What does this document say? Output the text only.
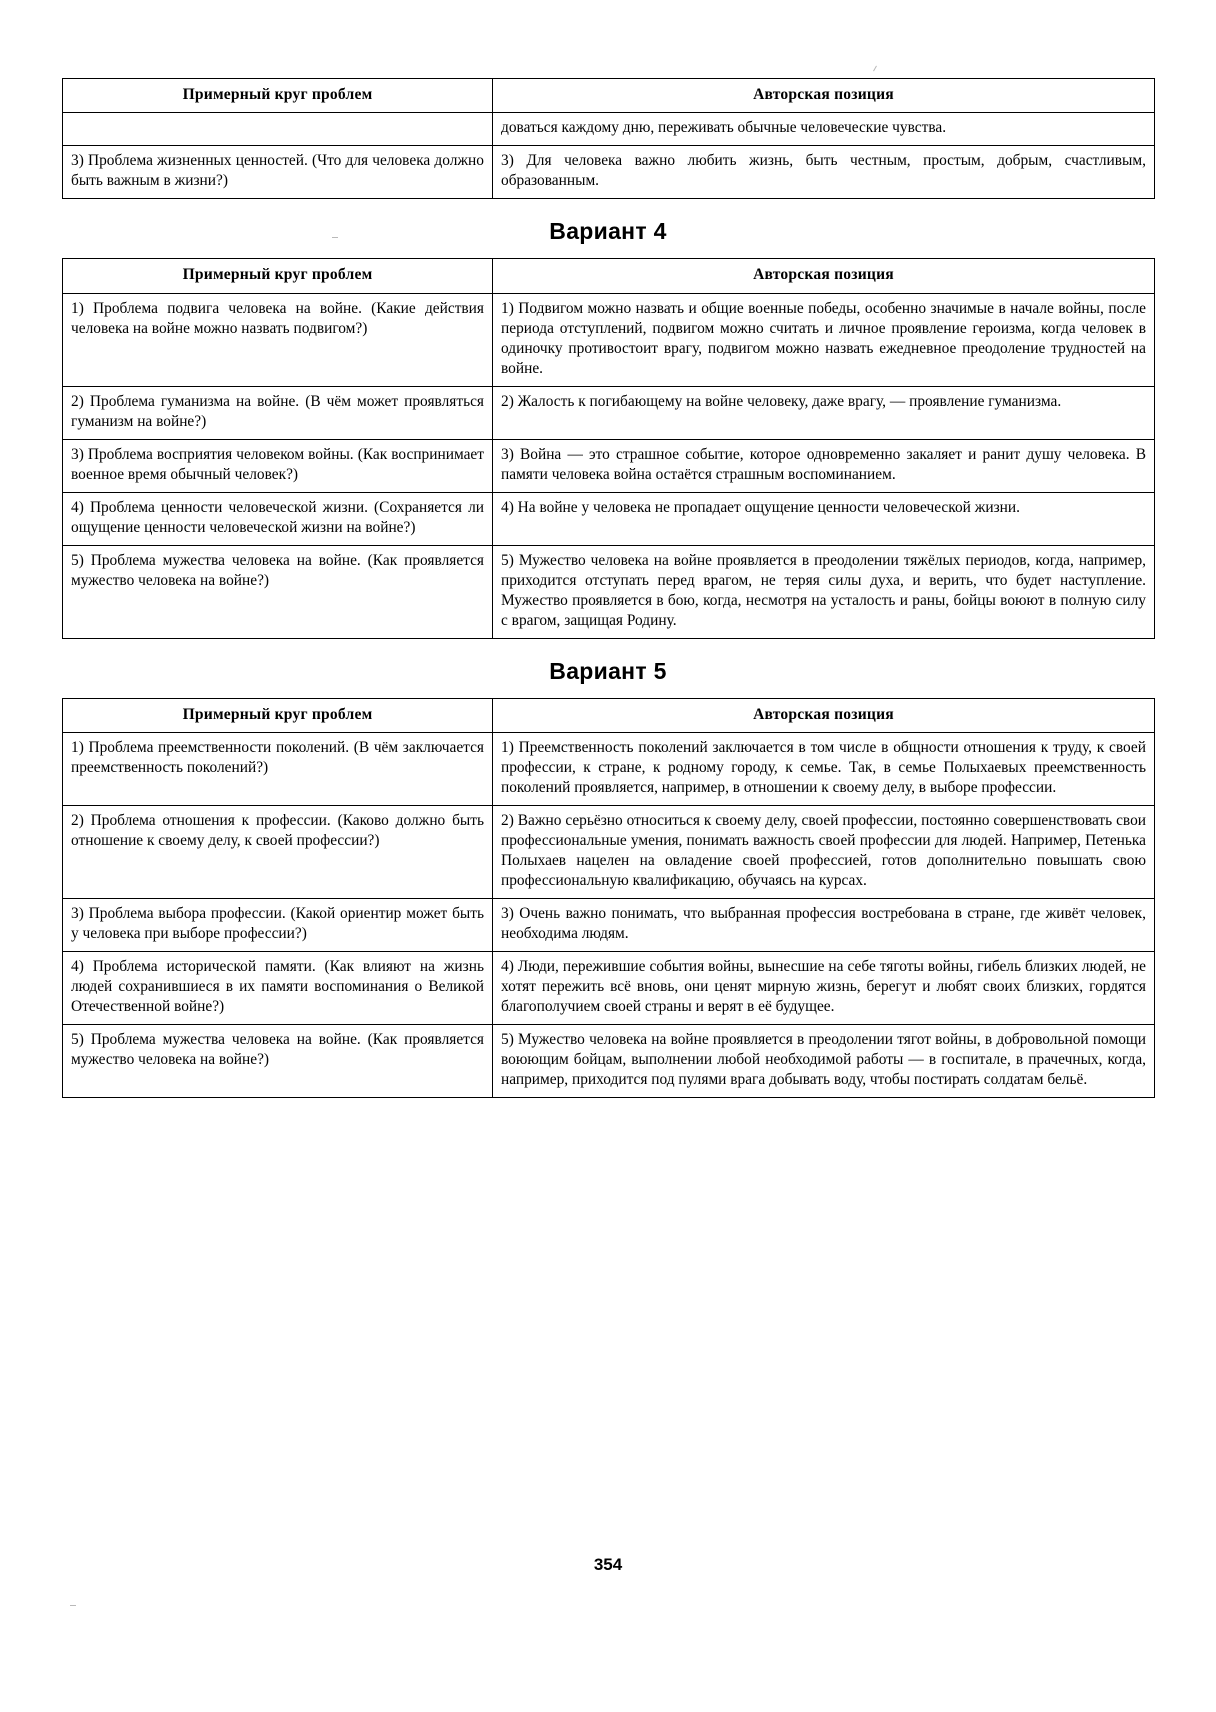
Примерный круг проблем	Авторская позиция
	доваться каждому дню, переживать обычные человеческие чувства.
3) Проблема жизненных ценностей. (Что для человека должно быть важным в жизни?)	3) Для человека важно любить жизнь, быть честным, простым, добрым, счастливым, образованным.
Вариант 4
Примерный круг проблем	Авторская позиция
1) Проблема подвига человека на войне. (Какие действия человека на войне можно назвать подвигом?)	1) Подвигом можно назвать и общие военные победы, особенно значимые в начале войны, после периода отступлений, подвигом можно считать и личное проявление героизма, когда человек в одиночку противостоит врагу, подвигом можно назвать ежедневное преодоление трудностей на войне.
2) Проблема гуманизма на войне. (В чём может проявляться гуманизм на войне?)	2) Жалость к погибающему на войне человеку, даже врагу, — проявление гуманизма.
3) Проблема восприятия человеком войны. (Как воспринимает военное время обычный человек?)	3) Война — это страшное событие, которое одновременно закаляет и ранит душу человека. В памяти человека война остаётся страшным воспоминанием.
4) Проблема ценности человеческой жизни. (Сохраняется ли ощущение ценности человеческой жизни на войне?)	4) На войне у человека не пропадает ощущение ценности человеческой жизни.
5) Проблема мужества человека на войне. (Как проявляется мужество человека на войне?)	5) Мужество человека на войне проявляется в преодолении тяжёлых периодов, когда, например, приходится отступать перед врагом, не теряя силы духа, и верить, что будет наступление. Мужество проявляется в бою, когда, несмотря на усталость и раны, бойцы воюют в полную силу с врагом, защищая Родину.
Вариант 5
Примерный круг проблем	Авторская позиция
1) Проблема преемственности поколений. (В чём заключается преемственность поколений?)	1) Преемственность поколений заключается в том числе в общности отношения к труду, к своей профессии, к стране, к родному городу, к семье. Так, в семье Полыхаевых преемственность поколений проявляется, например, в отношении к своему делу, в выборе профессии.
2) Проблема отношения к профессии. (Каково должно быть отношение к своему делу, к своей профессии?)	2) Важно серьёзно относиться к своему делу, своей профессии, постоянно совершенствовать свои профессиональные умения, понимать важность своей профессии для людей. Например, Петенька Полыхаев нацелен на овладение своей профессией, готов дополнительно повышать свою профессиональную квалификацию, обучаясь на курсах.
3) Проблема выбора профессии. (Какой ориентир может быть у человека при выборе профессии?)	3) Очень важно понимать, что выбранная профессия востребована в стране, где живёт человек, необходима людям.
4) Проблема исторической памяти. (Как влияют на жизнь людей сохранившиеся в их памяти воспоминания о Великой Отечественной войне?)	4) Люди, пережившие события войны, вынесшие на себе тяготы войны, гибель близких людей, не хотят пережить всё вновь, они ценят мирную жизнь, берегут и любят своих близких, гордятся благополучием своей страны и верят в её будущее.
5) Проблема мужества человека на войне. (Как проявляется мужество человека на войне?)	5) Мужество человека на войне проявляется в преодолении тягот войны, в добровольной помощи воюющим бойцам, выполнении любой необходимой работы — в госпитале, в прачечных, когда, например, приходится под пулями врага добывать воду, чтобы постирать солдатам бельё.
354
